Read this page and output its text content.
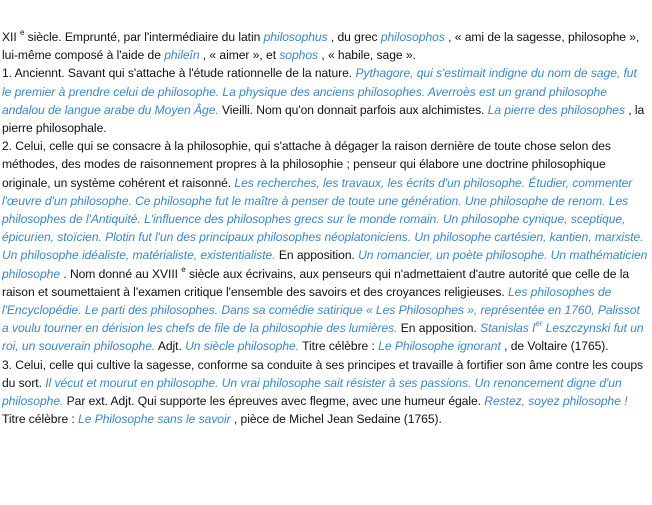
XII $^e$ siècle. Emprunté, par l'intermédiaire du latin philosophus , du grec philosophos , « ami de la sagesse, philosophe », lui-même composé à l'aide de phileîn , « aimer », et sophos , « habile, sage ».

1. Anciennt. Savant qui s'attache à l'étude rationnelle de la nature. Pythagore, qui s'estimait indigne du nom de sage, fut le premier à prendre celui de philosophe. La physique des anciens philosophes. Averroès est un grand philosophe andalou de langue arabe du Moyen Âge. Vieilli. Nom qu'on donnait parfois aux alchimistes. La pierre des philosophes , la pierre philosophale.

2. Celui, celle qui se consacre à la philosophie, qui s'attache à dégager la raison dernière de toute chose selon des méthodes, des modes de raisonnement propres à la philosophie ; penseur qui élabore une doctrine philosophique originale, un système cohérent et raisonné. Les recherches, les travaux, les écrits d'un philosophe. Étudier, commenter l'œuvre d'un philosophe. Ce philosophe fut le maître à penser de toute une génération. Une philosophe de renom. Les philosophes de l'Antiquité. L'influence des philosophes grecs sur le monde romain. Un philosophe cynique, sceptique, épicurien, stoïcien. Plotin fut l'un des principaux philosophes néoplatoniciens. Un philosophe cartésien, kantien, marxiste. Un philosophe idéaliste, matérialiste, existentialiste. En apposition. Un romancier, un poète philosophe. Un mathématicien philosophe . Nom donné au XVIII $^e$ siècle aux écrivains, aux penseurs qui n'admettaient d'autre autorité que celle de la raison et soumettaient à l'examen critique l'ensemble des savoirs et des croyances religieuses. Les philosophes de l'Encyclopédie. Le parti des philosophes. Dans sa comédie satirique « Les Philosophes », représentée en 1760, Palissot a voulu tourner en dérision les chefs de file de la philosophie des lumières. En apposition. Stanislas Ier Leszczynski fut un roi, un souverain philosophe. Adjt. Un siècle philosophe. Titre célèbre : Le Philosophe ignorant , de Voltaire (1765).

3. Celui, celle qui cultive la sagesse, conforme sa conduite à ses principes et travaille à fortifier son âme contre les coups du sort. Il vécut et mourut en philosophe. Un vrai philosophe sait résister à ses passions. Un renoncement digne d'un philosophe. Par ext. Adjt. Qui supporte les épreuves avec flegme, avec une humeur égale. Restez, soyez philosophe ! Titre célèbre : Le Philosophe sans le savoir , pièce de Michel Jean Sedaine (1765).
